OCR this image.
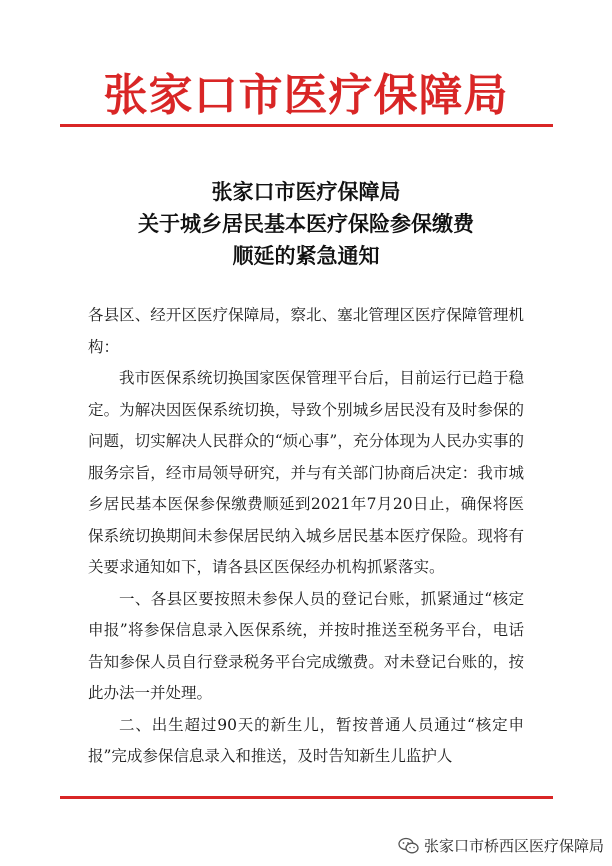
张家口市医疗保障局
张家口市医疗保障局
关于城乡居民基本医疗保险参保缴费
顺延的紧急通知

各县区、经开区医疗保障局，察北、塞北管理区医疗保障管理机构：

我市医保系统切换国家医保管理平台后，目前运行已趋于稳定。为解决因医保系统切换，导致个别城乡居民没有及时参保的问题，切实解决人民群众的“烦心事”，充分体现为人民办实事的服务宗旨，经市局领导研究，并与有关部门协商后决定：我市城乡居民基本医保参保缴费顺延到2021年7月20日止，确保将医保系统切换期间未参保居民纳入城乡居民基本医疗保险。现将有关要求通知如下，请各县区医保经办机构抓紧落实。

一、各县区要按照未参保人员的登记台账，抓紧通过“核定申报”将参保信息录入医保系统，并按时推送至税务平台，电话告知参保人员自行登录税务平台完成缴费。对未登记台账的，按此办法一并处理。

二、出生超过90天的新生儿，暂按普通人员通过“核定申报”完成参保信息录入和推送，及时告知新生儿监护人

张家口市桥西区医疗保障局
